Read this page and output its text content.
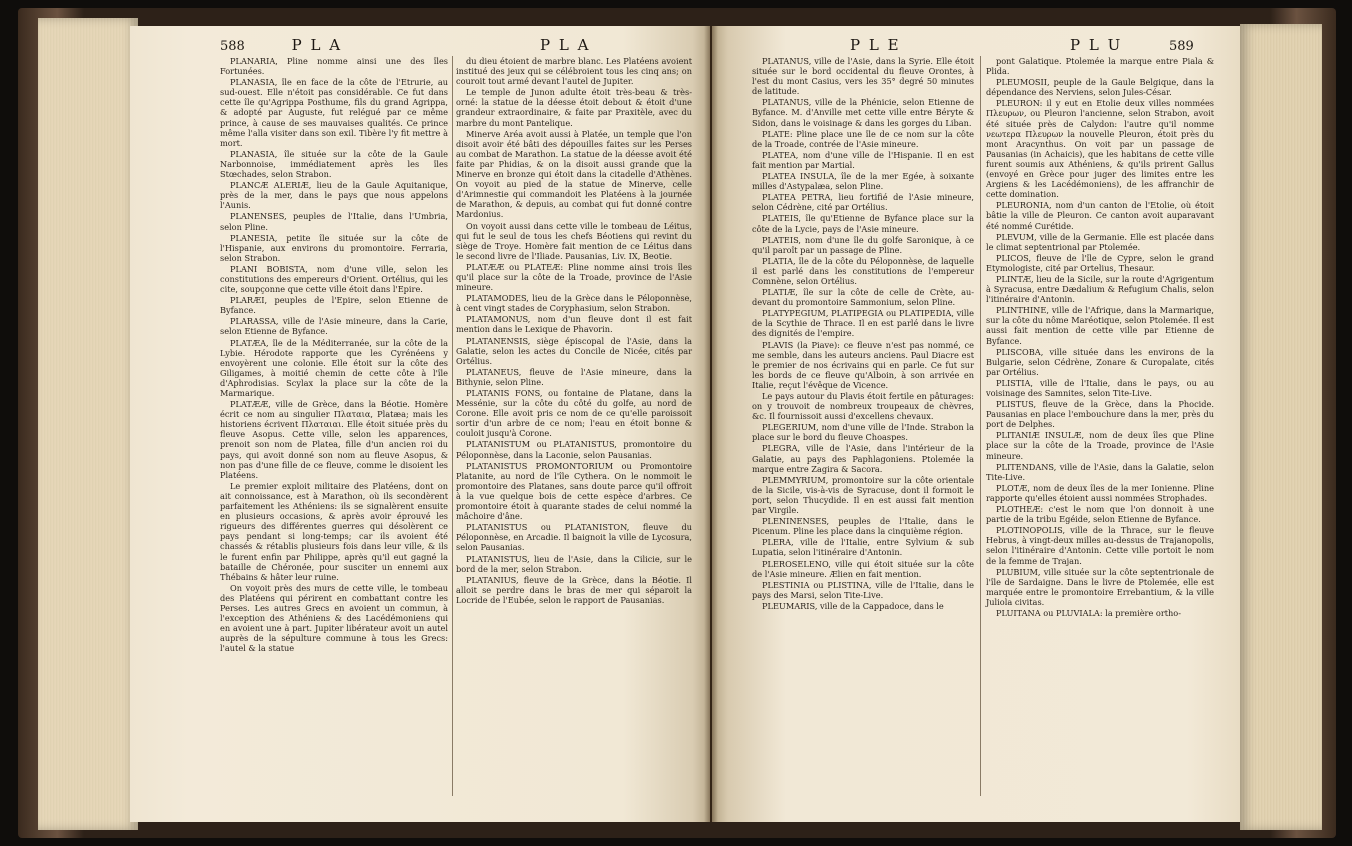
588	P L A	P L A	P L E	P L U	589

PLANARIA, Pline nomme ainsi une des îles Fortunées.

PLANASIA, île en face de la côte de l'Etrurie, au sud-ouest. Elle n'étoit pas considérable. Ce fut dans cette île qu'Agrippa Posthume, fils du grand Agrippa, & adopté par Auguste, fut relégué par ce même prince, à cause de ses mauvaises qualités. Ce prince même l'alla visiter dans son exil. Tibère l'y fit mettre à mort.

PLANASIA, île située sur la côte de la Gaule Narbonnoise, immédiatement après les îles Stœchades, selon Strabon.

PLANCÆ ALERIÆ, lieu de la Gaule Aquitanique, près de la mer, dans le pays que nous appelons l'Aunis.

PLANENSES, peuples de l'Italie, dans l'Umbria, selon Pline.

PLANESIA, petite île située sur la côte de l'Hispanie, aux environs du promontoire. Ferraria, selon Strabon.

PLANI BOBISTA, nom d'une ville, selon les constitutions des empereurs d'Orient. Ortélius, qui les cite, soupçonne que cette ville étoit dans l'Epire.

PLARÆI, peuples de l'Epire, selon Etienne de Byfance.

PLARASSA, ville de l'Asie mineure, dans la Carie, selon Etienne de Byfance.

PLATÆA, île de la Méditerranée, sur la côte de la Lybie. Hérodote rapporte que les Cyrénéens y envoyèrent une colonie. Elle étoit sur la côte des Giligames, à moitié chemin de cette côte à l'île d'Aphrodisias. Scylax la place sur la côte de la Marmarique.

PLATÆÆ, ville de Grèce, dans la Béotie. Homère écrit ce nom au singulier Πλαταια, Platæa; mais les historiens écrivent Πλαταιαι. Elle étoit située près du fleuve Asopus. Cette ville, selon les apparences, prenoit son nom de Platea, fille d'un ancien roi du pays, qui avoit donné son nom au fleuve Asopus, & non pas d'une fille de ce fleuve, comme le disoient les Platéens.

Le premier exploit militaire des Platéens, dont on ait connoissance, est à Marathon, où ils secondèrent parfaitement les Athéniens: ils se signalèrent ensuite en plusieurs occasions, & après avoir éprouvé les rigueurs des différentes guerres qui désolèrent ce pays pendant si long-temps; car ils avoient été chassés & rétablis plusieurs fois dans leur ville, & ils le furent enfin par Philippe, après qu'il eut gagné la bataille de Chéronée, pour susciter un ennemi aux Thébains & hâter leur ruine.

On voyoit près des murs de cette ville, le tombeau des Platéens qui périrent en combattant contre les Perses. Les autres Grecs en avoient un commun, à l'exception des Athéniens & des Lacédémoniens qui en avoient une à part. Jupiter libérateur avoit un autel auprès de la sépulture commune à tous les Grecs: l'autel & la statue

du dieu étoient de marbre blanc. Les Platéens avoient institué des jeux qui se célébroient tous les cinq ans; on couroit tout armé devant l'autel de Jupiter.

Le temple de Junon adulte étoit très-beau & très-orné: la statue de la déesse étoit debout & étoit d'une grandeur extraordinaire, & faite par Praxitèle, avec du marbre du mont Pantelique.

Minerve Aréa avoit aussi à Platée, un temple que l'on disoit avoir été bâti des dépouilles faites sur les Perses au combat de Marathon. La statue de la déesse avoit été faite par Phidias, & on la disoit aussi grande que la Minerve en bronze qui étoit dans la citadelle d'Athènes. On voyoit au pied de la statue de Minerve, celle d'Arimnestie qui commandoit les Platéens à la journée de Marathon, & depuis, au combat qui fut donné contre Mardonius.

On voyoit aussi dans cette ville le tombeau de Léitus, qui fut le seul de tous les chefs Béotiens qui revint du siège de Troye. Homère fait mention de ce Léitus dans le second livre de l'Iliade. Pausanias, Liv. IX, Beotie.

PLATÆÆ ou PLATEÆ: Pline nomme ainsi trois îles qu'il place sur la côte de la Troade, province de l'Asie mineure.

PLATAMODES, lieu de la Grèce dans le Péloponnèse, à cent vingt stades de Coryphasium, selon Strabon.

PLATAMONUS, nom d'un fleuve dont il est fait mention dans le Lexique de Phavorin.

PLATANENSIS, siège épiscopal de l'Asie, dans la Galatie, selon les actes du Concile de Nicée, cités par Ortélius.

PLATANEUS, fleuve de l'Asie mineure, dans la Bithynie, selon Pline.

PLATANIS FONS, ou fontaine de Platane, dans la Messénie, sur la côte du côté du golfe, au nord de Corone. Elle avoit pris ce nom de ce qu'elle paroissoit sortir d'un arbre de ce nom; l'eau en étoit bonne & couloit jusqu'à Corone.

PLATANISTUM ou PLATANISTUS, promontoire du Péloponnèse, dans la Laconie, selon Pausanias.

PLATANISTUS PROMONTORIUM ou Promontoire Platanite, au nord de l'île Cythera. On le nommoit le promontoire des Platanes, sans doute parce qu'il offroit à la vue quelque bois de cette espèce d'arbres. Ce promontoire étoit à quarante stades de celui nommé la mâchoire d'âne.

PLATANISTUS ou PLATANISTON, fleuve du Péloponnèse, en Arcadie. Il baignoit la ville de Lycosura, selon Pausanias.

PLATANISTUS, lieu de l'Asie, dans la Cilicie, sur le bord de la mer, selon Strabon.

PLATANIUS, fleuve de la Grèce, dans la Béotie. Il alloit se perdre dans le bras de mer qui séparoit la Locride de l'Eubée, selon le rapport de Pausanias.

PLATANUS, ville de l'Asie, dans la Syrie. Elle étoit située sur le bord occidental du fleuve Orontes, à l'est du mont Casius, vers les 35° degré 50 minutes de latitude.

PLATANUS, ville de la Phénicie, selon Etienne de Byfance. M. d'Anville met cette ville entre Béryte & Sidon, dans le voisinage & dans les gorges du Liban.

PLATE: Pline place une île de ce nom sur la côte de la Troade, contrée de l'Asie mineure.

PLATEA, nom d'une ville de l'Hispanie. Il en est fait mention par Martial.

PLATEA INSULA, île de la mer Egée, à soixante milles d'Astypalæa, selon Pline.

PLATEA PETRA, lieu fortifié de l'Asie mineure, selon Cédrène, cité par Ortélius.

PLATEIS, île qu'Etienne de Byfance place sur la côte de la Lycie, pays de l'Asie mineure.

PLATEIS, nom d'une île du golfe Saronique, à ce qu'il paroît par un passage de Pline.

PLATIA, île de la côte du Péloponnèse, de laquelle il est parlé dans les constitutions de l'empereur Comnène, selon Ortélius.

PLATIÆ, île sur la côte de celle de Crète, au-devant du promontoire Sammonium, selon Pline.

PLATYPEGIUM, PLATIPEGIA ou PLATIPEDIA, ville de la Scythie de Thrace. Il en est parlé dans le livre des dignités de l'empire.

PLAVIS (la Piave): ce fleuve n'est pas nommé, ce me semble, dans les auteurs anciens. Paul Diacre est le premier de nos écrivains qui en parle. Ce fut sur les bords de ce fleuve qu'Alboin, à son arrivée en Italie, reçut l'évêque de Vicence.

Le pays autour du Plavis étoit fertile en pâturages: on y trouvoit de nombreux troupeaux de chèvres, &c. Il fournissoit aussi d'excellens chevaux.

PLEGERIUM, nom d'une ville de l'Inde. Strabon la place sur le bord du fleuve Choaspes.

PLEGRA, ville de l'Asie, dans l'intérieur de la Galatie, au pays des Paphlagoniens. Ptolemée la marque entre Zagira & Sacora.

PLEMMYRIUM, promontoire sur la côte orientale de la Sicile, vis-à-vis de Syracuse, dont il formoit le port, selon Thucydide. Il en est aussi fait mention par Virgile.

PLENINENSES, peuples de l'Italie, dans le Picenum. Pline les place dans la cinquième région.

PLERA, ville de l'Italie, entre Sylvium & sub Lupatia, selon l'itinéraire d'Antonin.

PLEROSELENO, ville qui étoit située sur la côte de l'Asie mineure. Ælien en fait mention.

PLESTINIA ou PLISTINA, ville de l'Italie, dans le pays des Marsi, selon Tite-Live.

PLEUMARIS, ville de la Cappadoce, dans le

pont Galatique. Ptolemée la marque entre Piala & Plida.

PLEUMOSII, peuple de la Gaule Belgique, dans la dépendance des Nerviens, selon Jules-César.

PLEURON: il y eut en Etolie deux villes nommées Πλευρων, ou Pleuron l'ancienne, selon Strabon, avoit été située près de Calydon: l'autre qu'il nomme νεωτερα Πλευρων la nouvelle Pleuron, étoit près du mont Aracynthus. On voit par un passage de Pausanias (in Achaicis), que les habitans de cette ville furent soumis aux Athéniens, & qu'ils prirent Gallus (envoyé en Grèce pour juger des limites entre les Argiens & les Lacédémoniens), de les affranchir de cette domination.

PLEURONIA, nom d'un canton de l'Etolie, où étoit bâtie la ville de Pleuron. Ce canton avoit auparavant été nommé Curétide.

PLEVUM, ville de la Germanie. Elle est placée dans le climat septentrional par Ptolemée.

PLICOS, fleuve de l'île de Cypre, selon le grand Etymologiste, cité par Ortelius, Thesaur.

PLINTÆ, lieu de la Sicile, sur la route d'Agrigentum à Syracusa, entre Dædalium & Refugium Chalis, selon l'itinéraire d'Antonin.

PLINTHINE, ville de l'Afrique, dans la Marmarique, sur la côte du nôme Maréotique, selon Ptolemée. Il est aussi fait mention de cette ville par Etienne de Byfance.

PLISCOBA, ville située dans les environs de la Bulgarie, selon Cédrène, Zonare & Curopalate, cités par Ortélius.

PLISTIA, ville de l'Italie, dans le pays, ou au voisinage des Samnites, selon Tite-Live.

PLISTUS, fleuve de la Grèce, dans la Phocide. Pausanias en place l'embouchure dans la mer, près du port de Delphes.

PLITANIÆ INSULÆ, nom de deux îles que Pline place sur la côte de la Troade, province de l'Asie mineure.

PLITENDANS, ville de l'Asie, dans la Galatie, selon Tite-Live.

PLOTÆ, nom de deux îles de la mer Ionienne. Pline rapporte qu'elles étoient aussi nommées Strophades.

PLOTHEÆ: c'est le nom que l'on donnoit à une partie de la tribu Egéide, selon Etienne de Byfance.

PLOTINOPOLIS, ville de la Thrace, sur le fleuve Hebrus, à vingt-deux milles au-dessus de Trajanopolis, selon l'itinéraire d'Antonin. Cette ville portoit le nom de la femme de Trajan.

PLUBIUM, ville située sur la côte septentrionale de l'île de Sardaigne. Dans le livre de Ptolemée, elle est marquée entre le promontoire Errebantium, & la ville Juliola civitas.

PLUITANA ou PLUVIALA: la première ortho-
